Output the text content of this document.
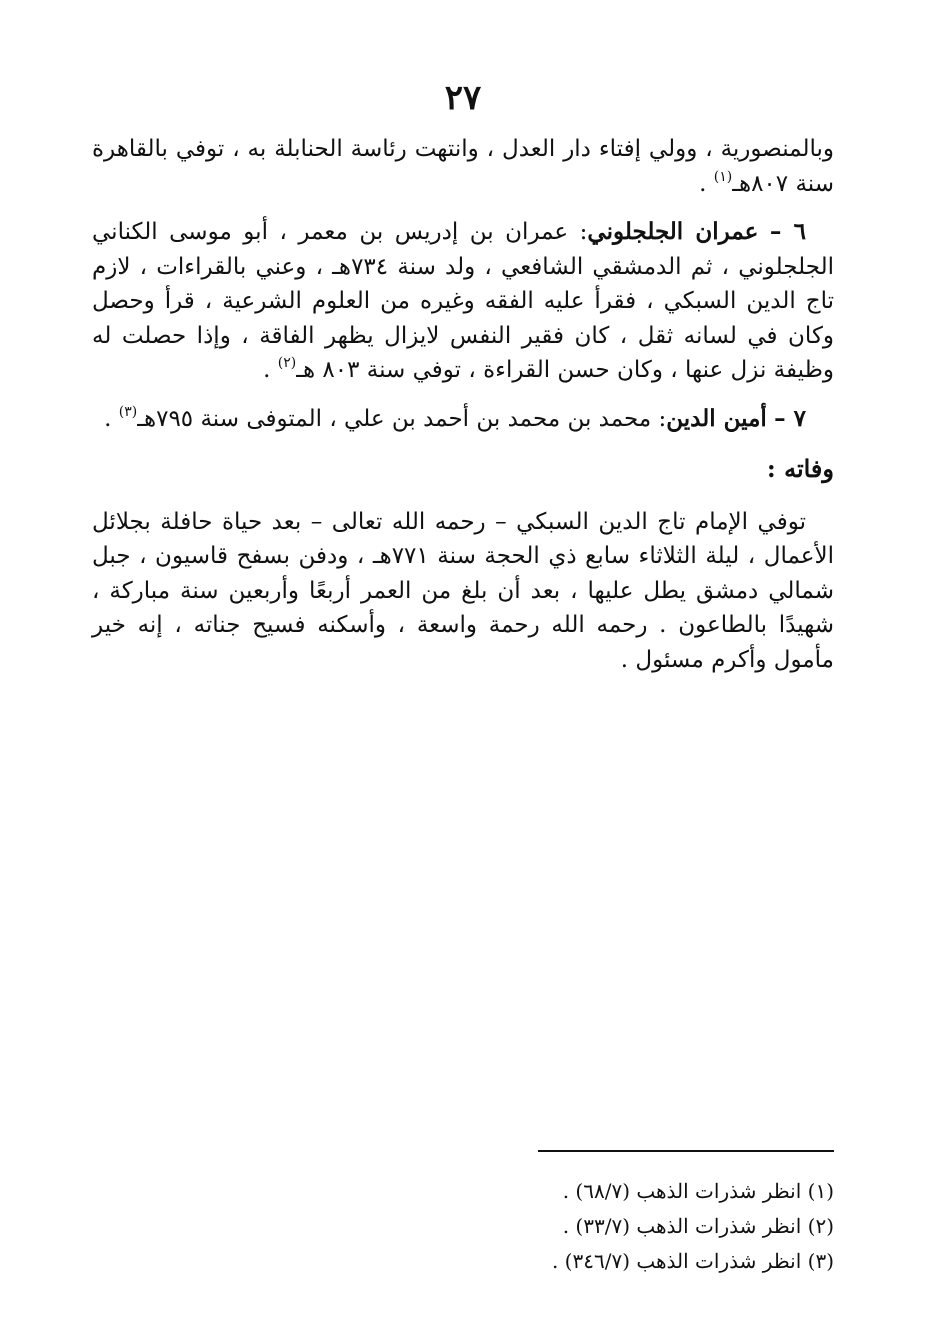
٢٧

وبالمنصورية ، وولي إفتاء دار العدل ، وانتهت رئاسة الحنابلة به ، توفي بالقاهرة سنة ٨٠٧هـ$^{(١)}$ .

٦ – عمران الجلجلوني: عمران بن إدريس بن معمر ، أبو موسى الكناني الجلجلوني ، ثم الدمشقي الشافعي ، ولد سنة ٧٣٤هـ ، وعني بالقراءات ، لازم تاج الدين السبكي ، فقرأ عليه الفقه وغيره من العلوم الشرعية ، قرأ وحصل وكان في لسانه ثقل ، كان فقير النفس لايزال يظهر الفاقة ، وإذا حصلت له وظيفة نزل عنها ، وكان حسن القراءة ، توفي سنة ٨٠٣ هـ$^{(٢)}$ .

٧ – أمين الدين: محمد بن محمد بن أحمد بن علي ، المتوفى سنة ٧٩٥هـ$^{(٣)}$ .

وفاته :

توفي الإمام تاج الدين السبكي – رحمه الله تعالى – بعد حياة حافلة بجلائل الأعمال ، ليلة الثلاثاء سابع ذي الحجة سنة ٧٧١هـ ، ودفن بسفح قاسيون ، جبل شمالي دمشق يطل عليها ، بعد أن بلغ من العمر أربعًا وأربعين سنة مباركة ، شهيدًا بالطاعون . رحمه الله رحمة واسعة ، وأسكنه فسيح جناته ، إنه خير مأمول وأكرم مسئول .

(١) انظر شذرات الذهب (٦٨/٧) .
(٢) انظر شذرات الذهب (٣٣/٧) .
(٣) انظر شذرات الذهب (٣٤٦/٧) .
